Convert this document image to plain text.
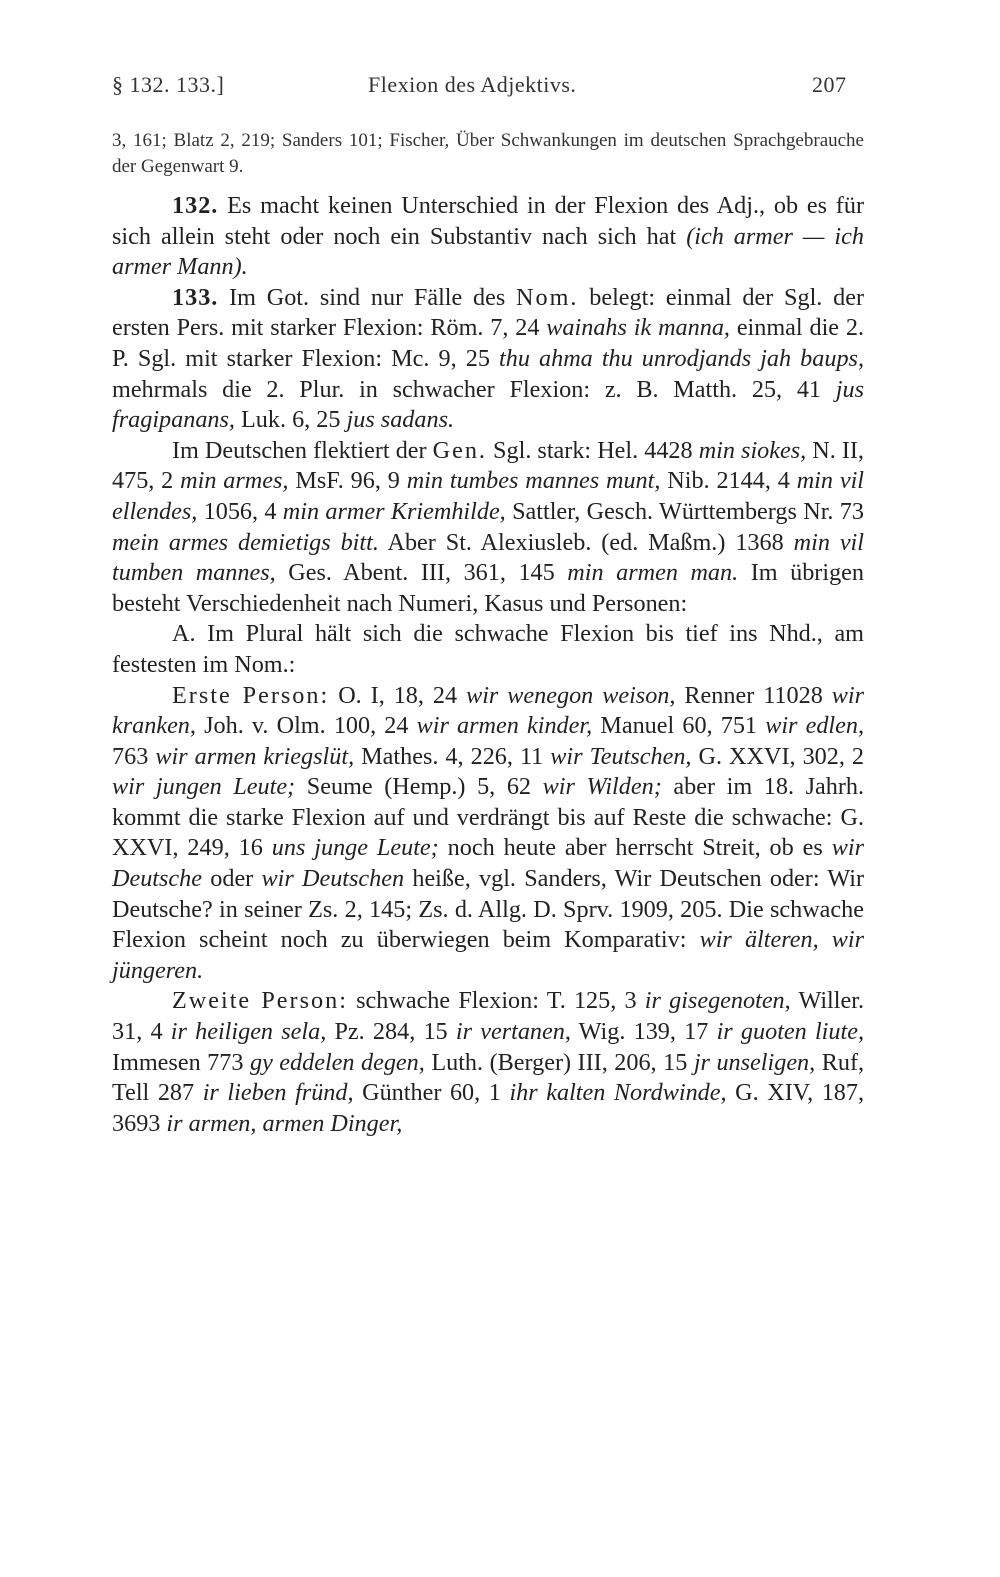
§ 132. 133.]	Flexion des Adjektivs.	207

3, 161; Blatz 2, 219; Sanders 101; Fischer, Über Schwankungen im deutschen Sprachgebrauche der Gegenwart 9.

132. Es macht keinen Unterschied in der Flexion des Adj., ob es für sich allein steht oder noch ein Substantiv nach sich hat (ich armer — ich armer Mann).

133. Im Got. sind nur Fälle des Nom. belegt: einmal der Sgl. der ersten Pers. mit starker Flexion: Röm. 7, 24 wainahs ik manna, einmal die 2. P. Sgl. mit starker Flexion: Mc. 9, 25 thu ahma thu unrodjands jah baups, mehrmals die 2. Plur. in schwacher Flexion: z. B. Matth. 25, 41 jus fragipanans, Luk. 6, 25 jus sadans.

Im Deutschen flektiert der Gen. Sgl. stark: Hel. 4428 min siokes, N. II, 475, 2 min armes, MsF. 96, 9 min tumbes mannes munt, Nib. 2144, 4 min vil ellendes, 1056, 4 min armer Kriemhilde, Sattler, Gesch. Württembergs Nr. 73 mein armes demietigs bitt. Aber St. Alexiusleb. (ed. Maßm.) 1368 min vil tumben mannes, Ges. Abent. III, 361, 145 min armen man. Im übrigen besteht Verschiedenheit nach Numeri, Kasus und Personen:

A. Im Plural hält sich die schwache Flexion bis tief ins Nhd., am festesten im Nom.:

Erste Person: O. I, 18, 24 wir wenegon weison, Renner 11028 wir kranken, Joh. v. Olm. 100, 24 wir armen kinder, Manuel 60, 751 wir edlen, 763 wir armen kriegslüt, Mathes. 4, 226, 11 wir Teutschen, G. XXVI, 302, 2 wir jungen Leute; Seume (Hemp.) 5, 62 wir Wilden; aber im 18. Jahrh. kommt die starke Flexion auf und verdrängt bis auf Reste die schwache: G. XXVI, 249, 16 uns junge Leute; noch heute aber herrscht Streit, ob es wir Deutsche oder wir Deutschen heiße, vgl. Sanders, Wir Deutschen oder: Wir Deutsche? in seiner Zs. 2, 145; Zs. d. Allg. D. Sprv. 1909, 205. Die schwache Flexion scheint noch zu überwiegen beim Komparativ: wir älteren, wir jüngeren.

Zweite Person: schwache Flexion: T. 125, 3 ir gisegenoten, Willer. 31, 4 ir heiligen sela, Pz. 284, 15 ir vertanen, Wig. 139, 17 ir guoten liute, Immesen 773 gy eddelen degen, Luth. (Berger) III, 206, 15 jr unseligen, Ruf, Tell 287 ir lieben fründ, Günther 60, 1 ihr kalten Nordwinde, G. XIV, 187, 3693 ir armen, armen Dinger,
